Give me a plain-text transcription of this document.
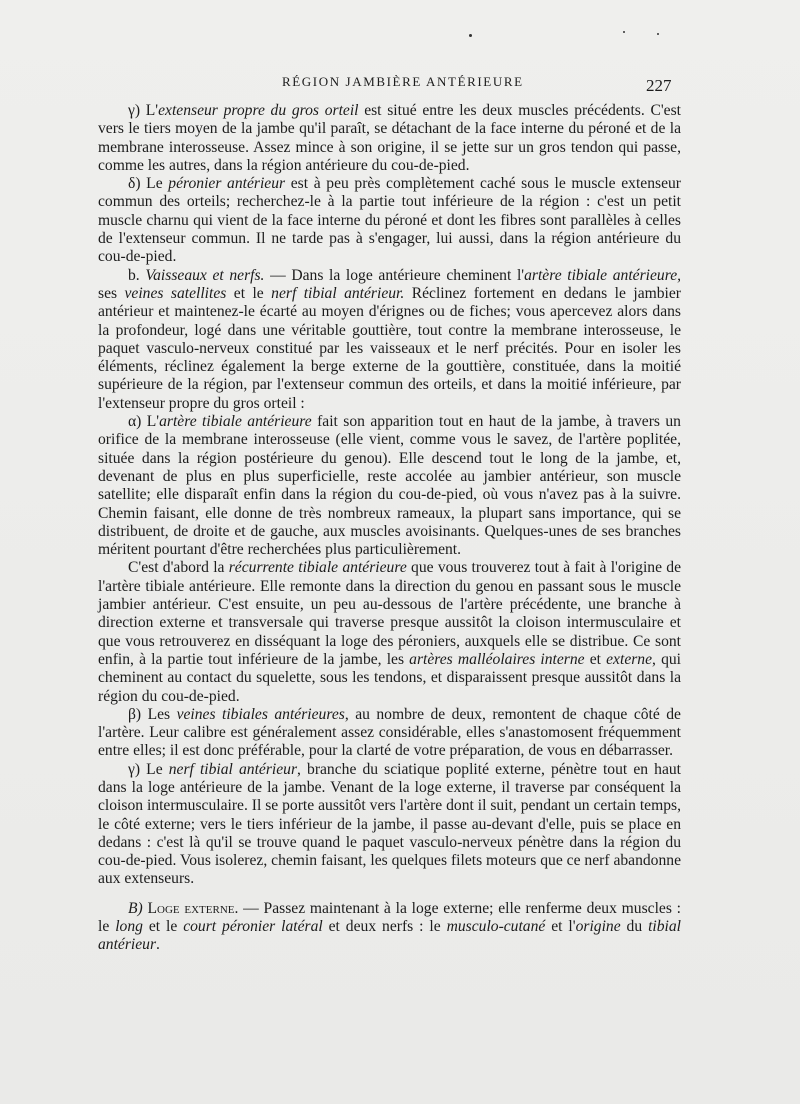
RÉGION JAMBIÈRE ANTÉRIEURE	227

γ) L'extenseur propre du gros orteil est situé entre les deux muscles précédents. C'est vers le tiers moyen de la jambe qu'il paraît, se détachant de la face interne du péroné et de la membrane interosseuse. Assez mince à son origine, il se jette sur un gros tendon qui passe, comme les autres, dans la région antérieure du cou-de-pied.

δ) Le péronier antérieur est à peu près complètement caché sous le muscle extenseur commun des orteils; recherchez-le à la partie tout inférieure de la région : c'est un petit muscle charnu qui vient de la face interne du péroné et dont les fibres sont parallèles à celles de l'extenseur commun. Il ne tarde pas à s'engager, lui aussi, dans la région antérieure du cou-de-pied.

b. Vaisseaux et nerfs. — Dans la loge antérieure cheminent l'artère tibiale antérieure, ses veines satellites et le nerf tibial antérieur. Réclinez fortement en dedans le jambier antérieur et maintenez-le écarté au moyen d'érignes ou de fiches; vous apercevez alors dans la profondeur, logé dans une véritable gouttière, tout contre la membrane interosseuse, le paquet vasculo-nerveux constitué par les vaisseaux et le nerf précités. Pour en isoler les éléments, réclinez également la berge externe de la gouttière, constituée, dans la moitié supérieure de la région, par l'extenseur commun des orteils, et dans la moitié inférieure, par l'extenseur propre du gros orteil :

α) L'artère tibiale antérieure fait son apparition tout en haut de la jambe, à travers un orifice de la membrane interosseuse (elle vient, comme vous le savez, de l'artère poplitée, située dans la région postérieure du genou). Elle descend tout le long de la jambe, et, devenant de plus en plus superficielle, reste accolée au jambier antérieur, son muscle satellite; elle disparaît enfin dans la région du cou-de-pied, où vous n'avez pas à la suivre. Chemin faisant, elle donne de très nombreux rameaux, la plupart sans importance, qui se distribuent, de droite et de gauche, aux muscles avoisinants. Quelques-unes de ses branches méritent pourtant d'être recherchées plus particulièrement.

C'est d'abord la récurrente tibiale antérieure que vous trouverez tout à fait à l'origine de l'artère tibiale antérieure. Elle remonte dans la direction du genou en passant sous le muscle jambier antérieur. C'est ensuite, un peu au-dessous de l'artère précédente, une branche à direction externe et transversale qui traverse presque aussitôt la cloison intermusculaire et que vous retrouverez en disséquant la loge des péroniers, auxquels elle se distribue. Ce sont enfin, à la partie tout inférieure de la jambe, les artères malléolaires interne et externe, qui cheminent au contact du squelette, sous les tendons, et disparaissent presque aussitôt dans la région du cou-de-pied.

β) Les veines tibiales antérieures, au nombre de deux, remontent de chaque côté de l'artère. Leur calibre est généralement assez considérable, elles s'anastomosent fréquemment entre elles; il est donc préférable, pour la clarté de votre préparation, de vous en débarrasser.

γ) Le nerf tibial antérieur, branche du sciatique poplité externe, pénètre tout en haut dans la loge antérieure de la jambe. Venant de la loge externe, il traverse par conséquent la cloison intermusculaire. Il se porte aussitôt vers l'artère dont il suit, pendant un certain temps, le côté externe; vers le tiers inférieur de la jambe, il passe au-devant d'elle, puis se place en dedans : c'est là qu'il se trouve quand le paquet vasculo-nerveux pénètre dans la région du cou-de-pied. Vous isolerez, chemin faisant, les quelques filets moteurs que ce nerf abandonne aux extenseurs.

B) Loge externe. — Passez maintenant à la loge externe; elle renferme deux muscles : le long et le court péronier latéral et deux nerfs : le musculo-cutané et l'origine du tibial antérieur.
